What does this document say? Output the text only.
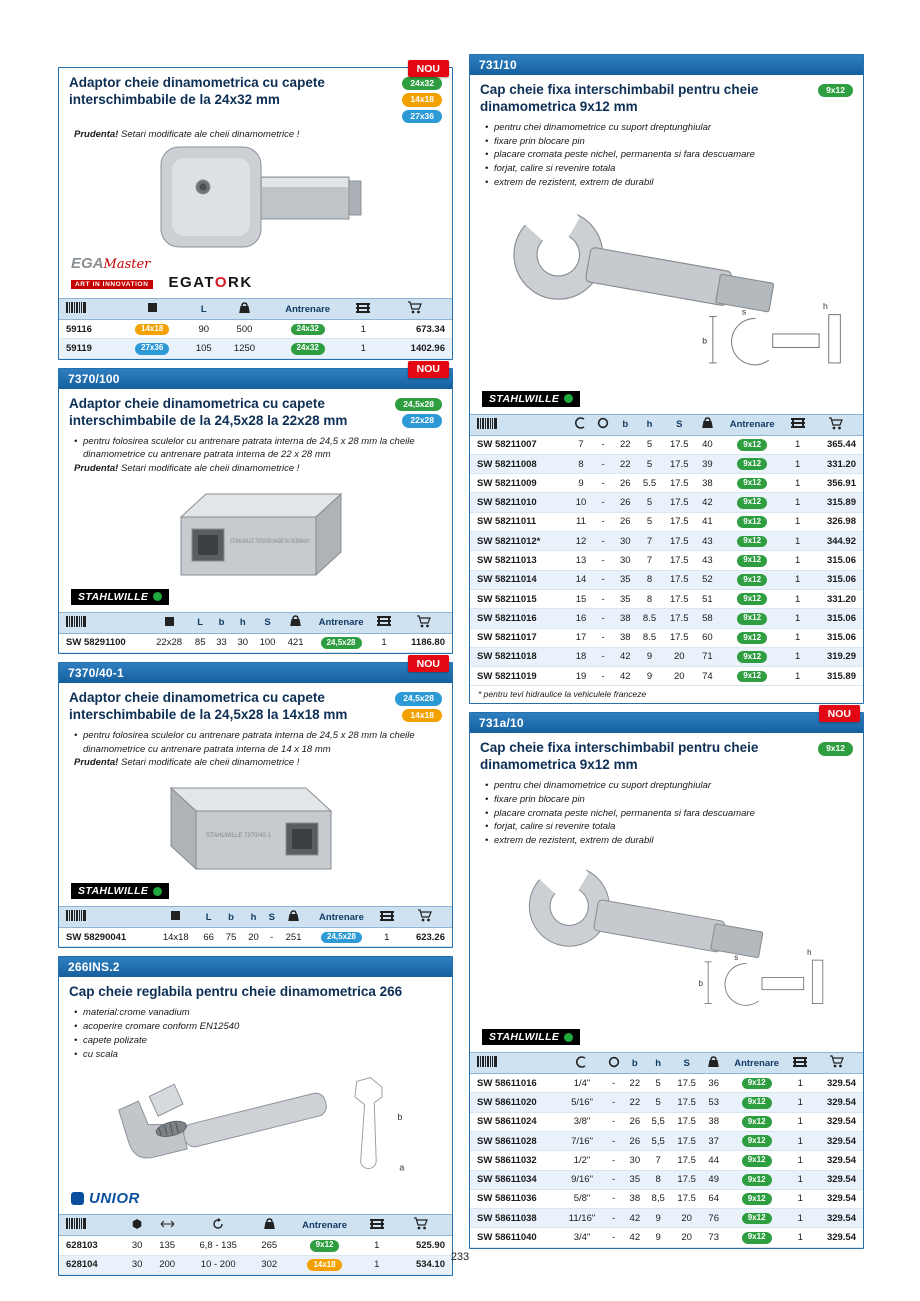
NOU
Adaptor cheie dinamometrica cu capete interschimbabile de la 24x32 mm
24x32
14x18
27x36
Prudenta! Setari modificate ale cheii dinamometrice !
EGAMaster
ART IN INNOVATION EGATORK
		L		Antrenare		
59116	14x18	90	500	24x32	1	673.34
59119	27x36	105	1250	24x32	1	1402.96
7370/100
NOU
Adaptor cheie dinamometrica cu capete interschimbabile de la 24,5x28 la 22x28 mm
24,5x28
22x28
• pentru folosirea sculelor cu antrenare patrata interna de 24,5 x 28 mm la cheile dinamometrice cu antrenare patrata interna de 22 x 28 mm
Prudenta! Setari modificate ale cheii dinamometrice !
STAHLWILLE 7370/100 MADE IN GERMANY
STAHLWILLE
		L	b	h	S		Antrenare		
SW 58291100	22x28	85	33	30	100	421	24,5x28	1	1186.80
7370/40-1
NOU
Adaptor cheie dinamometrica cu capete interschimbabile de la 24,5x28 la 14x18 mm
24,5x28
14x18
• pentru folosirea sculelor cu antrenare patrata interna de 24,5 x 28 mm la cheile dinamometrice cu antrenare patrata interna de 14 x 18 mm
Prudenta! Setari modificate ale cheii dinamometrice !
STAHLWILLE 7370/40-1
STAHLWILLE
		L	b	h	S		Antrenare		
SW 58290041	14x18	66	75	20	-	251	24,5x28	1	623.26
266INS.2
Cap cheie reglabila pentru cheie dinamometrica 266
• material:crome vanadium
• acoperire cromare conform EN12540
• capete polizate
• cu scala
b
a
UNIOR
					Antrenare		
628103	30	135	6,8 - 135	265	9x12	1	525.90
628104	30	200	10 - 200	302	14x18	1	534.10
731/10
Cap cheie fixa interschimbabil pentru cheie dinamometrica 9x12 mm
9x12
• pentru chei dinamometrice cu suport dreptunghiular
• fixare prin blocare pin
• placare cromata peste nichel, permanenta si fara descuamare
• forjat, calire si revenire totala
• extrem de rezistent, extrem de durabil
b
s
h
STAHLWILLE
			b	h	S		Antrenare		
SW 58211007	7	-	22	5	17.5	40	9x12	1	365.44
SW 58211008	8	-	22	5	17.5	39	9x12	1	331.20
SW 58211009	9	-	26	5.5	17.5	38	9x12	1	356.91
SW 58211010	10	-	26	5	17.5	42	9x12	1	315.89
SW 58211011	11	-	26	5	17.5	41	9x12	1	326.98
SW 58211012*	12	-	30	7	17.5	43	9x12	1	344.92
SW 58211013	13	-	30	7	17.5	43	9x12	1	315.06
SW 58211014	14	-	35	8	17.5	52	9x12	1	315.06
SW 58211015	15	-	35	8	17.5	51	9x12	1	331.20
SW 58211016	16	-	38	8.5	17.5	58	9x12	1	315.06
SW 58211017	17	-	38	8.5	17.5	60	9x12	1	315.06
SW 58211018	18	-	42	9	20	71	9x12	1	319.29
SW 58211019	19	-	42	9	20	74	9x12	1	315.89
* pentru tevi hidraulice la vehiculele franceze
731a/10
NOU
Cap cheie fixa interschimbabil pentru cheie dinamometrica 9x12 mm
9x12
• pentru chei dinamometrice cu suport dreptunghiular
• fixare prin blocare pin
• placare cromata peste nichel, permanenta si fara descuamare
• forjat, calire si revenire totala
• extrem de rezistent, extrem de durabil
b
s
h
STAHLWILLE
			b	h	S		Antrenare		
SW 58611016	1/4"	-	22	5	17.5	36	9x12	1	329.54
SW 58611020	5/16"	-	22	5	17.5	53	9x12	1	329.54
SW 58611024	3/8"	-	26	5,5	17.5	38	9x12	1	329.54
SW 58611028	7/16"	-	26	5,5	17.5	37	9x12	1	329.54
SW 58611032	1/2"	-	30	7	17.5	44	9x12	1	329.54
SW 58611034	9/16"	-	35	8	17.5	49	9x12	1	329.54
SW 58611036	5/8"	-	38	8,5	17.5	64	9x12	1	329.54
SW 58611038	11/16"	-	42	9	20	76	9x12	1	329.54
SW 58611040	3/4"	-	42	9	20	73	9x12	1	329.54
233
